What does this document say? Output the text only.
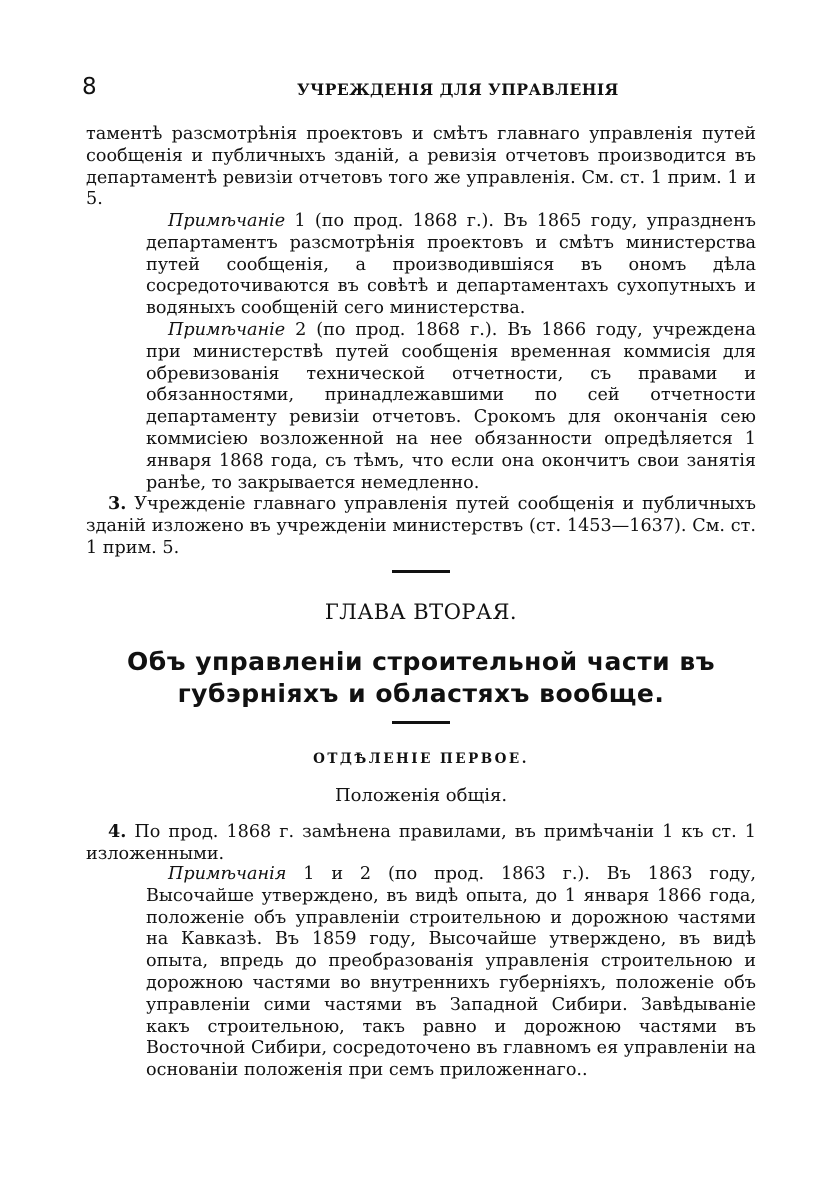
8	УЧРЕЖДЕНІЯ ДЛЯ УПРАВЛЕНІЯ
таментѣ разсмотрѣнія проектовъ и смѣтъ главнаго управленія путей сообщенія и публичныхъ зданій, а ревизія отчетовъ производится въ департаментѣ ревизіи отчетовъ того же управленія. См. ст. 1 прим. 1 и 5.
Примѣчаніе 1 (по прод. 1868 г.). Въ 1865 году, упраздненъ департаментъ разсмотрѣнія проектовъ и смѣтъ министерства путей сообщенія, а производившіяся въ ономъ дѣла сосредоточиваются въ совѣтѣ и департаментахъ сухопутныхъ и водяныхъ сообщеній сего министерства.
Примѣчаніе 2 (по прод. 1868 г.). Въ 1866 году, учреждена при министерствѣ путей сообщенія временная коммисія для обревизованія технической отчетности, съ правами и обязанностями, принадлежавшими по сей отчетности департаменту ревизіи отчетовъ. Срокомъ для окончанія сею коммисіею возложенной на нее обязанности опредѣляется 1 января 1868 года, съ тѣмъ, что если она окончитъ свои занятія ранѣе, то закрывается немедленно.
3. Учрежденіе главнаго управленія путей сообщенія и публичныхъ зданій изложено въ учрежденіи министерствъ (ст. 1453—1637). См. ст. 1 прим. 5.
ГЛАВА ВТОРАЯ.
Объ управленіи строительной части въ губэрніяхъ и областяхъ вообще.
ОТДѢЛЕНІЕ ПЕРВОЕ.
Положенія общія.
4. По прод. 1868 г. замѣнена правилами, въ примѣчаніи 1 къ ст. 1 изложенными.
Примѣчанія 1 и 2 (по прод. 1863 г.). Въ 1863 году, Высочайше утверждено, въ видѣ опыта, до 1 января 1866 года, положеніе объ управленіи строительною и дорожною частями на Кавказѣ. Въ 1859 году, Высочайше утверждено, въ видѣ опыта, впредь до преобразованія управленія строительною и дорожною частями во внутреннихъ губерніяхъ, положеніе объ управленіи сими частями въ Западной Сибири. Завѣдываніе какъ строительною, такъ равно и дорожною частями въ Восточной Сибири, сосредоточено въ главномъ ея управленіи на основаніи положенія при семъ приложеннаго..
